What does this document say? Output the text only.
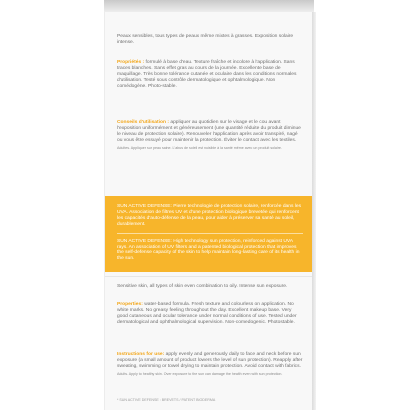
Peaux sensibles, tous types de peaux même mixtes à grasses. Exposition solaire intense.

Propriétés : formulé à base d'eau. Texture fraîche et incolore à l'application. Sans traces blanches. Sans effet gras au cours de la journée. Excellente base de maquillage. Très bonne tolérance cutanée et oculaire dans les conditions normales d'utilisation. Testé sous contrôle dermatologique et ophtalmologique. Non comédogène. Photo-stable.

Conseils d'utilisation : appliquer au quotidien sur le visage et le cou avant l'exposition uniformément et généreusement (une quantité réduite du produit diminue le niveau de protection solaire). Renouveler l'application après avoir transpiré, nagé ou vous être essuyé pour maintenir la protection. Éviter le contact avec les textiles.

Adultes. Appliquer sur peau saine. L'abus de soleil est nuisible à la santé même avec un produit solaire.

SUN ACTIVE DEFENSE: Pierre technologie de protection solaire, renforcée dans les UVA. Association de filtres UV et d'une protection biologique brevetée qui renforcent les capacités d'auto-défense de la peau, pour aider à préserver sa santé au soleil, durablement.

SUN ACTIVE DEFENSE: High technology sun protection, reinforced against UVA rays. An association of UV filters and a patented biological protection that improves the self-defense capacity of the skin to help maintain long-lasting care of its health in the sun.

Sensitive skin, all types of skin even combination to oily. Intense sun exposure.

Properties: water-based formula. Fresh texture and colourless on application. No white marks. No greasy feeling throughout the day. Excellent makeup base. Very good cutaneous and ocular tolerance under normal conditions of use. Tested under dermatological and ophthalmological supervision. Non-comedogenic. Photostable.

Instructions for use: apply evenly and generously daily to face and neck before sun exposure (a small amount of product lowers the level of sun protection). Reapply after sweating, swimming or towel drying to maintain protection. Avoid contact with fabrics.

Adults. Apply to healthy skin. Over exposure to the sun can damage the health even with sun protection.

* SUN ACTIVE DEFENSE : BREVETS / PATENT BIODERMA
